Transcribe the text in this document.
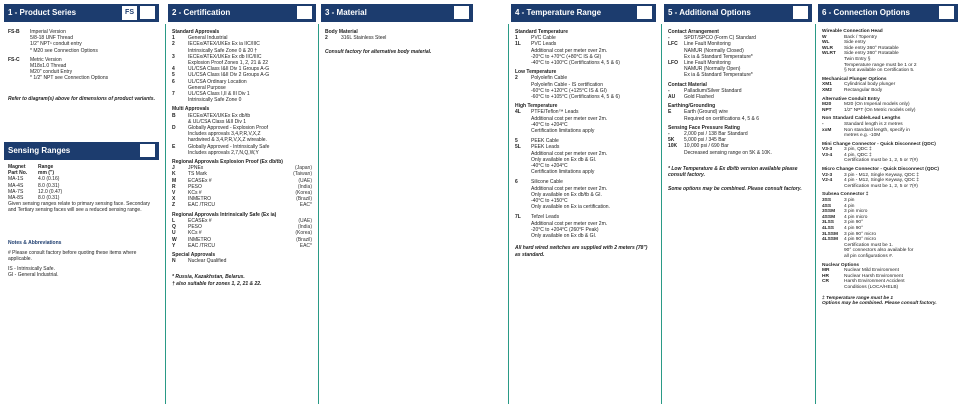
1 - Product Series	FS
FS-B	Imperial Version
5/8-18 UNF Thread
1/2" NPT¹ conduit entry
* M20 see Connection Options
FS-C	Metric Version
M18x1.0 Thread
M20" conduit Entry
* 1/2" NPT see Connection Options
Refer to diagram(s) above for dimensions of product variants.
Sensing Ranges
Magnet	Range
Part No.	mm (")
MA-1S	4.0 (0.16)
MA-4S	8.0 (0.31)
MA-7S	12.0 (0.47)
MA-8S	8.0 (0.31)
Given sensing ranges relate to primary sensing face. Secondary and Tertiary sensing faces will see a reduced sensing range.
Notes & Abbreviations
# Please consult factory before quoting these items where applicable.
IS - Intrinsically Safe.
GI - General Industrial.
2 - Certification
Standard Approvals
1	General Industrial
2	IECEx/ATEX/UKEx Ex ia IIC/IIIC
Intrinsically Safe Zone 0 & 20 †
3	IECEx/ATEX/UKEx Ex db IIC/IIIC
Explosion Proof Zones 1, 2, 21 & 22
4	UL/CSA Class I&II Div 1 Groups A-G
5	UL/CSA Class I&II Div 2 Groups A-G
6	UL/CSA Ordinary Location
General Purpose
7	UL/CSA Class I,II & III Div 1
Intrinsically Safe Zone 0
Multi Approvals
B	IECEx/ATEX/UKEx Ex db/tb
& UL/CSA Class I&II Div 1
D	Globally Approved - Explosion Proof
Includes approvals 3,4,P,R,V,X,Z
hardwired & 3,4,P,R,V,X,Z wireable.
E	Globally Approved - Intrinsically Safe
Includes approvals 2,7,N,Q,W,Y
Regional Approvals Explosion Proof (Ex db/tb)
J	JPNEx	(Japan)
K	TS Mark	(Taiwan)
M	ECASEx #	(UAE)
R	PESO	(India)
V	KCs #	(Korea)
X	INMETRO	(Brazil)
Z	EAC /TRCU	EAC*
Regional Approvals Intrinsically Safe (Ex ia)
L	ECASEx #	(UAE)
Q	PESO	(India)
U	KCs #	(Korea)
W	INMETRO	(Brazil)
Y	EAC /TRCU	EAC*
Special Approvals
N	Nuclear Qualified
* Russia, Kazakhstan, Belarus.
† also suitable for zones 1, 2, 21 & 22.
3 - Material
Body Material
2	316L Stainless Steel
Consult factory for alternative body material.
4 - Temperature Range
Standard Temperature
1	PVC Cable
1L	PVC Leads
Additional cost per meter over 2m.
-20°C to +70°C (+80°C IS & GI)
-40°C to +100°C (Certifications 4, 5 & 6)
Low Temperature
2	Polyolefin Cable
Polyolefin Cable - IS certification
-60°C to +120°C (+125°C IS & GI)
-60°C to +105°C (Certifications 4, 5 & 6)
High Temperature
4L	PTFE/Teflon™ Leads
Additional cost per meter over 2m.
-40°C to +204°C
Certification limitations apply
5	PEEK Cable
5L	PEEK Leads
Additional cost per meter over 2m.
Only available on Ex db & GI.
-40°C to +204°C
Certification limitations apply
6	Silicone Cable
Additional cost per meter over 2m.
Only available on Ex db/tb & GI.
-40°C to +150°C
Only available on Ex ia certification.
7L	Tefzel Leads
Additional cost per meter over 2m.
-20°C to +204°C (260°F Peak)
Only available on Ex db & GI.
All hard wired switches are supplied with 2 meters (78") as standard.
5 - Additional Options
Contact Arrangement
-	SPDT/SPCO (Form C) Standard
LFC	Line Fault Monitoring
NAMUR (Normally Closed)
Ex ia & Standard Temperature*
LFO	Line Fault Monitoring
NAMUR (Normally Open)
Ex ia & Standard Temperature*
Contact Material
-	Palladium/Silver Standard
AU	Gold Flashed
Earthing/Grounding
E	Earth (Ground) wire
Required on certifications 4, 5 & 6
Sensing Face Pressure Rating
-	2,000 psi / 138 Bar Standard
5K	5,000 psi / 345 Bar
10K	10,000 psi / 690 Bar
Decreased sensing range on 5K & 10K.
* Low Temperature & Ex db/tb version available please consult factory.
Some options may be combined. Please consult factory.
6 - Connection Options
Wireable Connection Head
W	Back / Topentry
WL	Side entry
WLR	Side entry 360° Rotatable
WLRT	Side entry 360° Rotatable
Twin Entry §
Temperature range must be 1 or 2
§ Not available on Certification 5.
Mechanical Plunger Options
XM1	Cylindrical body plunger
XM2	Rectangular Body
Alternative Conduit Entry
M20	M20 (On Imperial models only)
NPT	1/2" NPT (On Metric models only)
Non Standard Cable/Lead Lengths
-	Standard length is 2 metres
xxM	Non standard length, specify in
metres e.g. -10M
Mini Change Connector - Quick Disconnect (QDC)
V3-3	3 pin, QDC ‡
V3-4	4 pin, QDC ‡
Certification must be 1, 2, 5 or 7(#)
Micro Change Connector - Quick Disconnect (QDC)
V2-3	3 pin - M12, Single Keyway, QDC ‡
V2-4	4 pin - M12, Single Keyway, QDC ‡
Certification must be 1, 2, 5 or 7(#)
Subsea Connector ‡
3SS	3 pin
4SS	4 pin
3SSM	3 pin micro
4SSM	4 pin micro
3LSS	3 pin 90°
4LSS	4 pin 90°
3LSSM	3 pin 90° micro
4LSSM	4 pin 90° micro
Certification must be 1.
90° connectors also available for
all pin configurations #.
Nuclear Options
MR	Nuclear Mild Environment
HR	Nuclear Harsh Environment
CR	Harsh Environment Accident
Conditions (LOCA/HELB)
‡ Temperature range must be 1
Options may be combined. Please consult factory.
